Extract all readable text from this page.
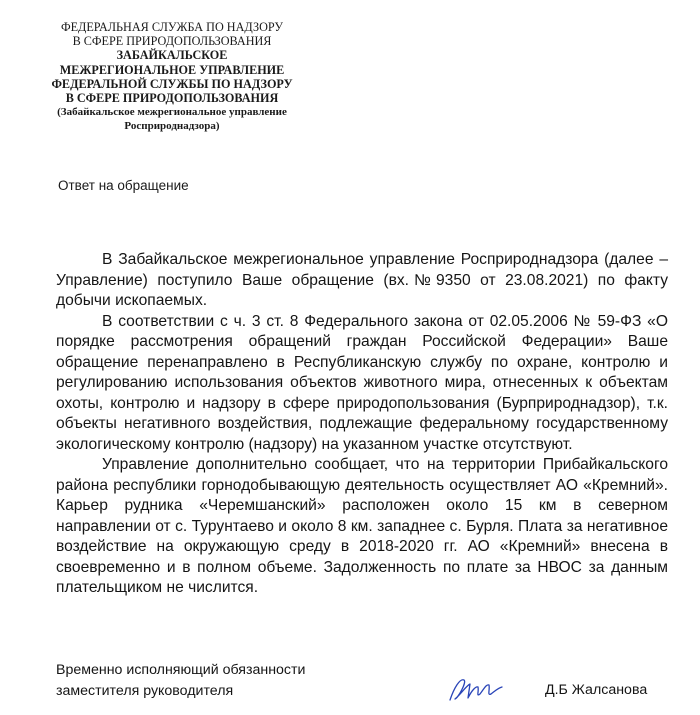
ФЕДЕРАЛЬНАЯ СЛУЖБА ПО НАДЗОРУ
В СФЕРЕ ПРИРОДОПОЛЬЗОВАНИЯ
ЗАБАЙКАЛЬСКОЕ
МЕЖРЕГИОНАЛЬНОЕ УПРАВЛЕНИЕ
ФЕДЕРАЛЬНОЙ СЛУЖБЫ ПО НАДЗОРУ
В СФЕРЕ ПРИРОДОПОЛЬЗОВАНИЯ
(Забайкальское межрегиональное управление
Росприроднадзора)
Ответ на обращение

В Забайкальское межрегиональное управление Росприроднадзора (далее – Управление) поступило Ваше обращение (вх.№9350 от 23.08.2021) по факту добычи ископаемых.

В соответствии с ч. 3 ст. 8 Федерального закона от 02.05.2006 № 59-ФЗ «О порядке рассмотрения обращений граждан Российской Федерации» Ваше обращение перенаправлено в Республиканскую службу по охране, контролю и регулированию использования объектов животного мира, отнесенных к объектам охоты, контролю и надзору в сфере природопользования (Бурприроднадзор), т.к. объекты негативного воздействия, подлежащие федеральному государственному экологическому контролю (надзору) на указанном участке отсутствуют.

Управление дополнительно сообщает, что на территории Прибайкальского района республики горнодобывающую деятельность осуществляет АО «Кремний». Карьер рудника «Черемшанский» расположен около 15 км в северном направлении от с. Турунтаево и около 8 км. западнее с. Бурля. Плата за негативное воздействие на окружающую среду в 2018-2020 гг. АО «Кремний» внесена в своевременно и в полном объеме. Задолженность по плате за НВОС за данным плательщиком не числится.

Временно исполняющий обязанности
заместителя руководителя	Д.Б Жалсанова
